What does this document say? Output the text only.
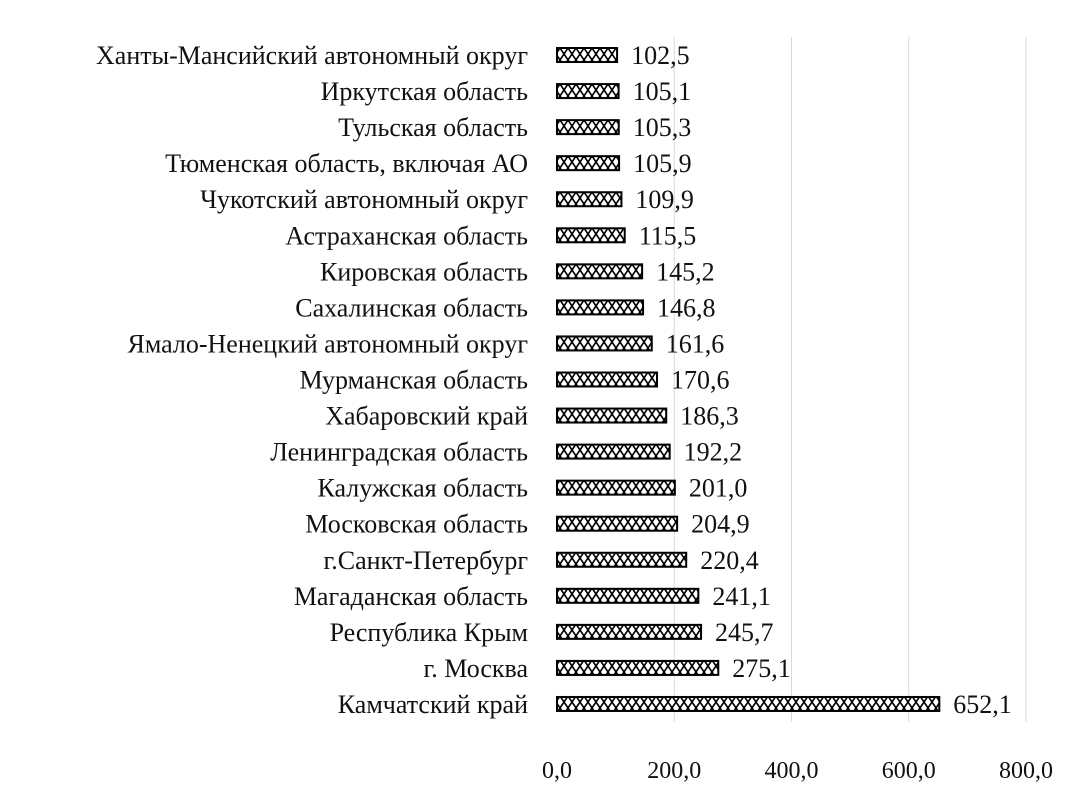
Ханты-Мансийский автономный округ
Иркутская область
Тульская область
Тюменская область, включая АО
Чукотский автономный округ
Астраханская область
Кировская область
Сахалинская область
Ямало-Ненецкий автономный округ
Мурманская область
Хабаровский край
Ленинградская область
Калужская область
Московская область
г.Санкт-Петербург
Магаданская область
Республика Крым
г. Москва
Камчатский край
102,5
105,1
105,3
105,9
109,9
115,5
145,2
146,8
161,6
170,6
186,3
192,2
201,0
204,9
220,4
241,1
245,7
275,1
652,1
0,0	200,0	400,0	600,0	800,0
